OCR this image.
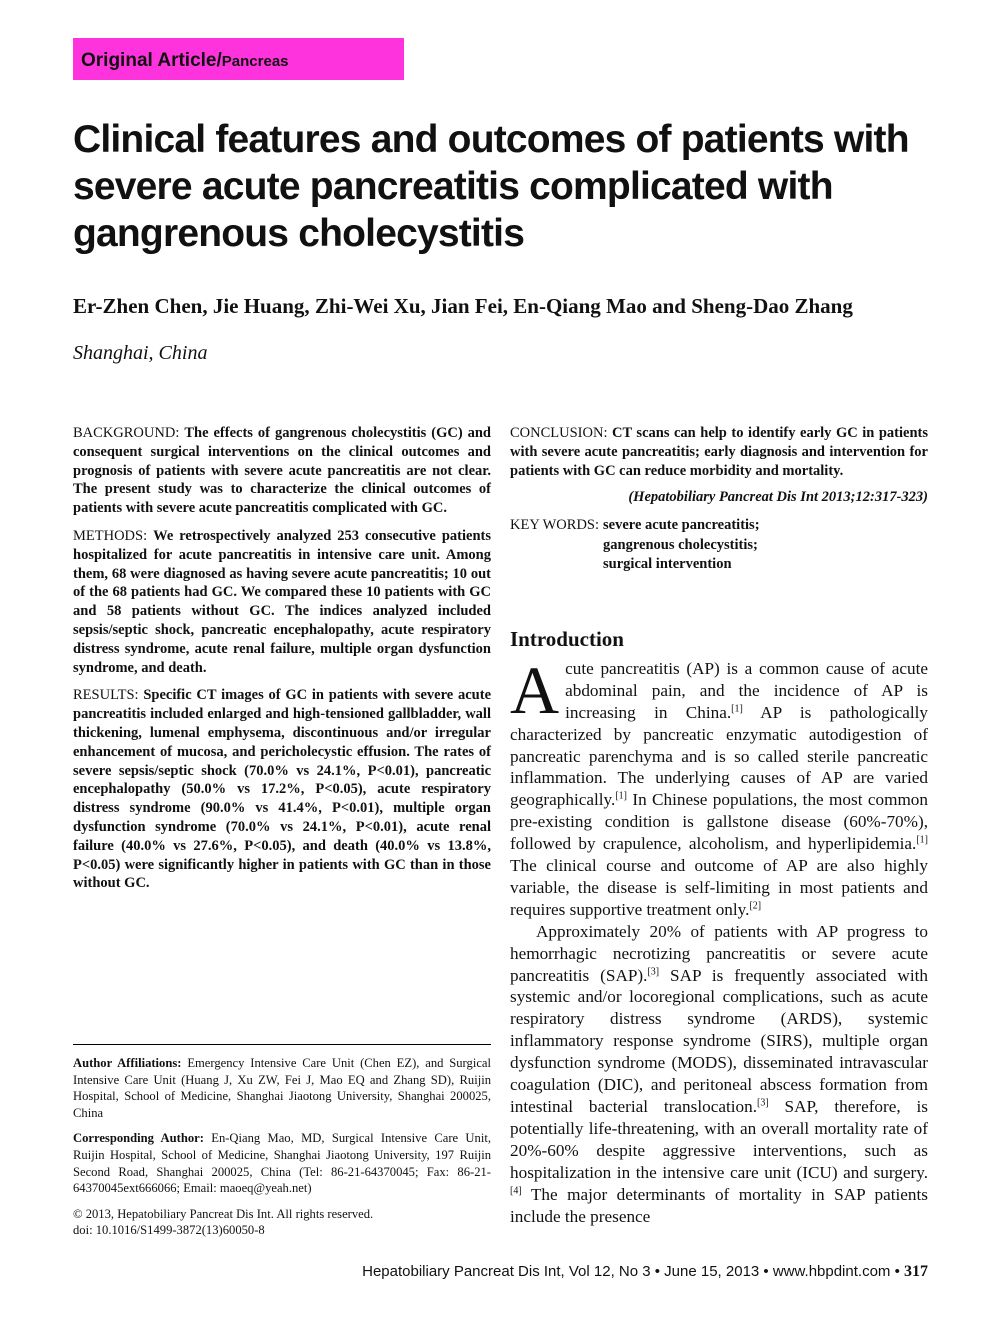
Original Article/Pancreas
Clinical features and outcomes of patients with severe acute pancreatitis complicated with gangrenous cholecystitis
Er-Zhen Chen, Jie Huang, Zhi-Wei Xu, Jian Fei, En-Qiang Mao and Sheng-Dao Zhang
Shanghai, China

BACKGROUND: The effects of gangrenous cholecystitis (GC) and consequent surgical interventions on the clinical outcomes and prognosis of patients with severe acute pancreatitis are not clear. The present study was to characterize the clinical outcomes of patients with severe acute pancreatitis complicated with GC.

METHODS: We retrospectively analyzed 253 consecutive patients hospitalized for acute pancreatitis in intensive care unit. Among them, 68 were diagnosed as having severe acute pancreatitis; 10 out of the 68 patients had GC. We compared these 10 patients with GC and 58 patients without GC. The indices analyzed included sepsis/septic shock, pancreatic encephalopathy, acute respiratory distress syndrome, acute renal failure, multiple organ dysfunction syndrome, and death.

RESULTS: Specific CT images of GC in patients with severe acute pancreatitis included enlarged and high-tensioned gallbladder, wall thickening, lumenal emphysema, discontinuous and/or irregular enhancement of mucosa, and pericholecystic effusion. The rates of severe sepsis/septic shock (70.0% vs 24.1%, P<0.01), pancreatic encephalopathy (50.0% vs 17.2%, P<0.05), acute respiratory distress syndrome (90.0% vs 41.4%, P<0.01), multiple organ dysfunction syndrome (70.0% vs 24.1%, P<0.01), acute renal failure (40.0% vs 27.6%, P<0.05), and death (40.0% vs 13.8%, P<0.05) were significantly higher in patients with GC than in those without GC.

CONCLUSION: CT scans can help to identify early GC in patients with severe acute pancreatitis; early diagnosis and intervention for patients with GC can reduce morbidity and mortality.

(Hepatobiliary Pancreat Dis Int 2013;12:317-323)
KEY WORDS: severe acute pancreatitis;
gangrenous cholecystitis;
surgical intervention
Introduction

Acute pancreatitis (AP) is a common cause of acute abdominal pain, and the incidence of AP is increasing in China.[1] AP is pathologically characterized by pancreatic enzymatic autodigestion of pancreatic parenchyma and is so called sterile pancreatic inflammation. The underlying causes of AP are varied geographically.[1] In Chinese populations, the most common pre-existing condition is gallstone disease (60%-70%), followed by crapulence, alcoholism, and hyperlipidemia.[1] The clinical course and outcome of AP are also highly variable, the disease is self-limiting in most patients and requires supportive treatment only.[2]

Approximately 20% of patients with AP progress to hemorrhagic necrotizing pancreatitis or severe acute pancreatitis (SAP).[3] SAP is frequently associated with systemic and/or locoregional complications, such as acute respiratory distress syndrome (ARDS), systemic inflammatory response syndrome (SIRS), multiple organ dysfunction syndrome (MODS), disseminated intravascular coagulation (DIC), and peritoneal abscess formation from intestinal bacterial translocation.[3] SAP, therefore, is potentially life-threatening, with an overall mortality rate of 20%-60% despite aggressive interventions, such as hospitalization in the intensive care unit (ICU) and surgery.[4] The major determinants of mortality in SAP patients include the presence

Author Affiliations: Emergency Intensive Care Unit (Chen EZ), and Surgical Intensive Care Unit (Huang J, Xu ZW, Fei J, Mao EQ and Zhang SD), Ruijin Hospital, School of Medicine, Shanghai Jiaotong University, Shanghai 200025, China

Corresponding Author: En-Qiang Mao, MD, Surgical Intensive Care Unit, Ruijin Hospital, School of Medicine, Shanghai Jiaotong University, 197 Ruijin Second Road, Shanghai 200025, China (Tel: 86-21-64370045; Fax: 86-21-64370045ext666066; Email: maoeq@yeah.net)

© 2013, Hepatobiliary Pancreat Dis Int. All rights reserved.
doi: 10.1016/S1499-3872(13)60050-8

Hepatobiliary Pancreat Dis Int, Vol 12, No 3 • June 15, 2013 • www.hbpdint.com • 317
